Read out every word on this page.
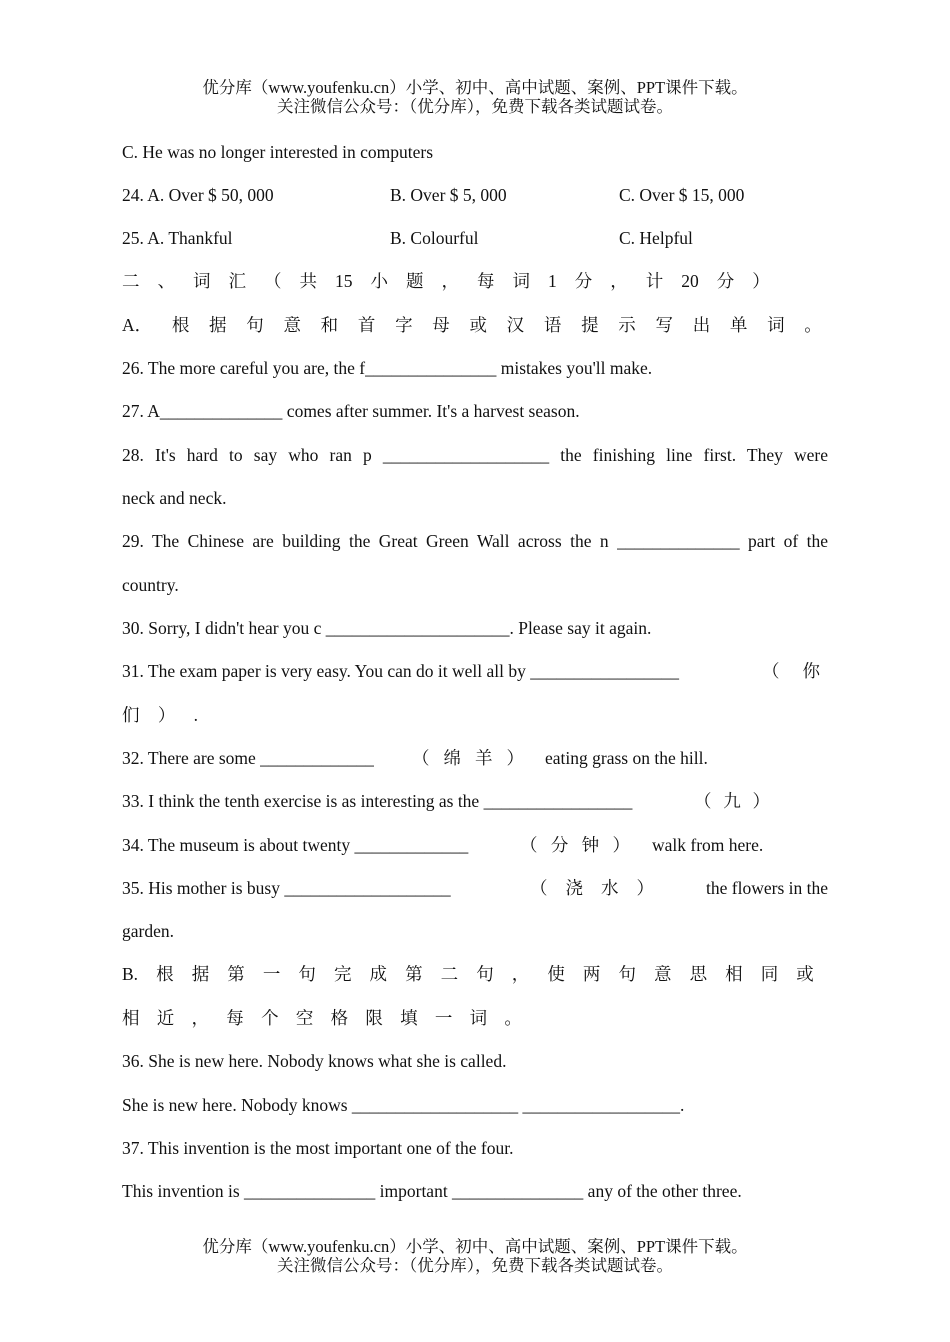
优分库（www.youfenku.cn）小学、初中、高中试题、案例、PPT课件下载。
关注微信公众号：（优分库），免费下载各类试题试卷。
C. He was no longer interested in computers
24. A. Over $ 50, 000	B. Over $ 5, 000	C. Over $ 15, 000
25. A. Thankful	B. Colourful	C. Helpful
二 、 词 汇 （ 共 15 小 题 ， 每 词 1 分 ， 计 20 分 ）
A． 根 据 句 意 和 首 字 母 或 汉 语 提 示 写 出 单 词 。
26. The more careful you are, the f_______________ mistakes you'll make.
27. A______________ comes after summer. It's a harvest season.
28. It's hard to say who ran p ___________________ the finishing line first. They were
neck and neck.
29. The Chinese are building the Great Green Wall across the n ______________ part of the
country.
30. Sorry, I didn't hear you c _____________________. Please say it again.
31. The exam paper is very easy. You can do it well all by _________________	（ 你
们 ） .
32. There are some _____________ （ 绵 羊 ） eating grass on the hill.
33. I think the tenth exercise is as interesting as the _________________	（ 九 ）
34. The museum is about twenty _____________	（ 分 钟 ） walk from here.
35. His mother is busy ___________________	（ 浇 水 ）	the flowers in the
garden.
B. 根 据 第 一 句 完 成 第 二 句 ， 使 两 句 意 思 相 同 或
相 近 ， 每 个 空 格 限 填 一 词 。
36. She is new here. Nobody knows what she is called.
She is new here. Nobody knows ___________________ __________________.
37. This invention is the most important one of the four.
This invention is _______________ important _______________ any of the other three.
优分库（www.youfenku.cn）小学、初中、高中试题、案例、PPT课件下载。
关注微信公众号：（优分库），免费下载各类试题试卷。
